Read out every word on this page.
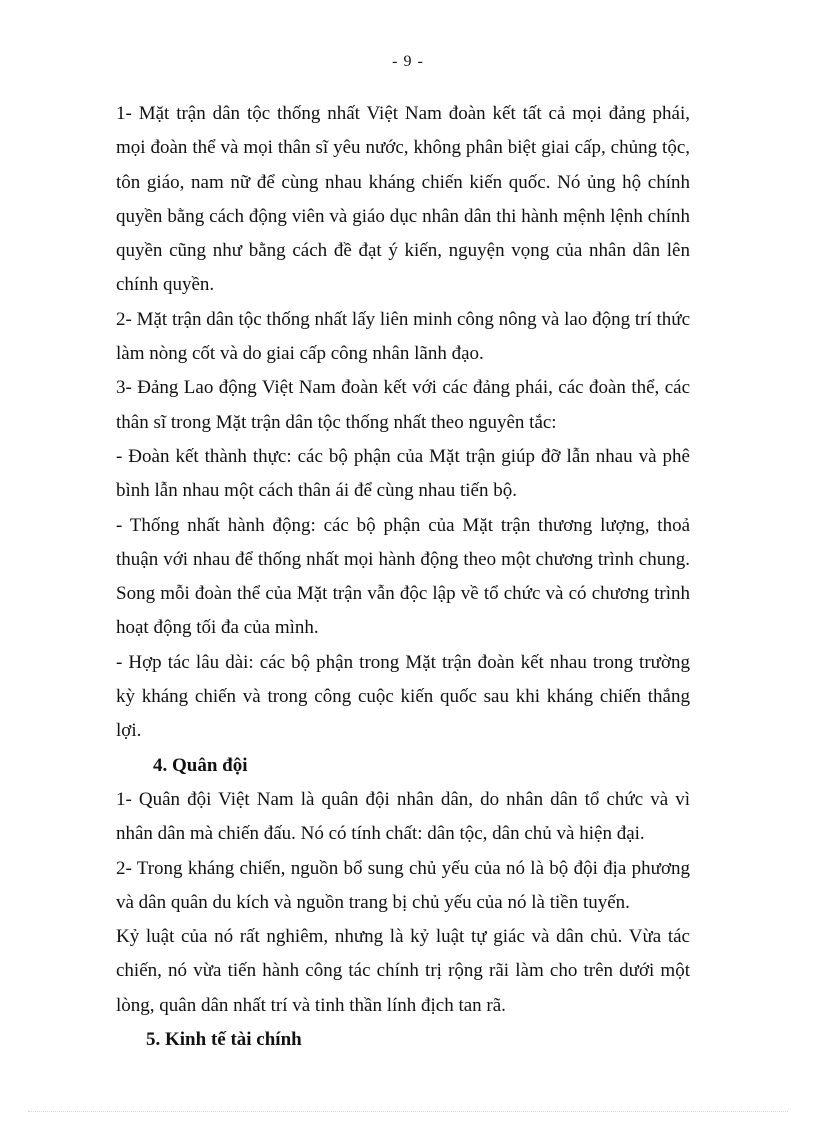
- 9 -

1- Mặt trận dân tộc thống nhất Việt Nam đoàn kết tất cả mọi đảng phái, mọi đoàn thể và mọi thân sĩ yêu nước, không phân biệt giai cấp, chủng tộc, tôn giáo, nam nữ để cùng nhau kháng chiến kiến quốc. Nó ủng hộ chính quyền bằng cách động viên và giáo dục nhân dân thi hành mệnh lệnh chính quyền cũng như bằng cách đề đạt ý kiến, nguyện vọng của nhân dân lên chính quyền.

2- Mặt trận dân tộc thống nhất lấy liên minh công nông và lao động trí thức làm nòng cốt và do giai cấp công nhân lãnh đạo.

3- Đảng Lao động Việt Nam đoàn kết với các đảng phái, các đoàn thể, các thân sĩ trong Mặt trận dân tộc thống nhất theo nguyên tắc:

- Đoàn kết thành thực: các bộ phận của Mặt trận giúp đỡ lẫn nhau và phê bình lẫn nhau một cách thân ái để cùng nhau tiến bộ.

- Thống nhất hành động: các bộ phận của Mặt trận thương lượng, thoả thuận với nhau để thống nhất mọi hành động theo một chương trình chung. Song mỗi đoàn thể của Mặt trận vẫn độc lập về tổ chức và có chương trình hoạt động tối đa của mình.

- Hợp tác lâu dài: các bộ phận trong Mặt trận đoàn kết nhau trong trường kỳ kháng chiến và trong công cuộc kiến quốc sau khi kháng chiến thắng lợi.

4. Quân đội

1- Quân đội Việt Nam là quân đội nhân dân, do nhân dân tổ chức và vì nhân dân mà chiến đấu. Nó có tính chất: dân tộc, dân chủ và hiện đại.

2- Trong kháng chiến, nguồn bổ sung chủ yếu của nó là bộ đội địa phương và dân quân du kích và nguồn trang bị chủ yếu của nó là tiền tuyến.

Kỷ luật của nó rất nghiêm, nhưng là kỷ luật tự giác và dân chủ. Vừa tác chiến, nó vừa tiến hành công tác chính trị rộng rãi làm cho trên dưới một lòng, quân dân nhất trí và tinh thần lính địch tan rã.

5. Kinh tế tài chính
